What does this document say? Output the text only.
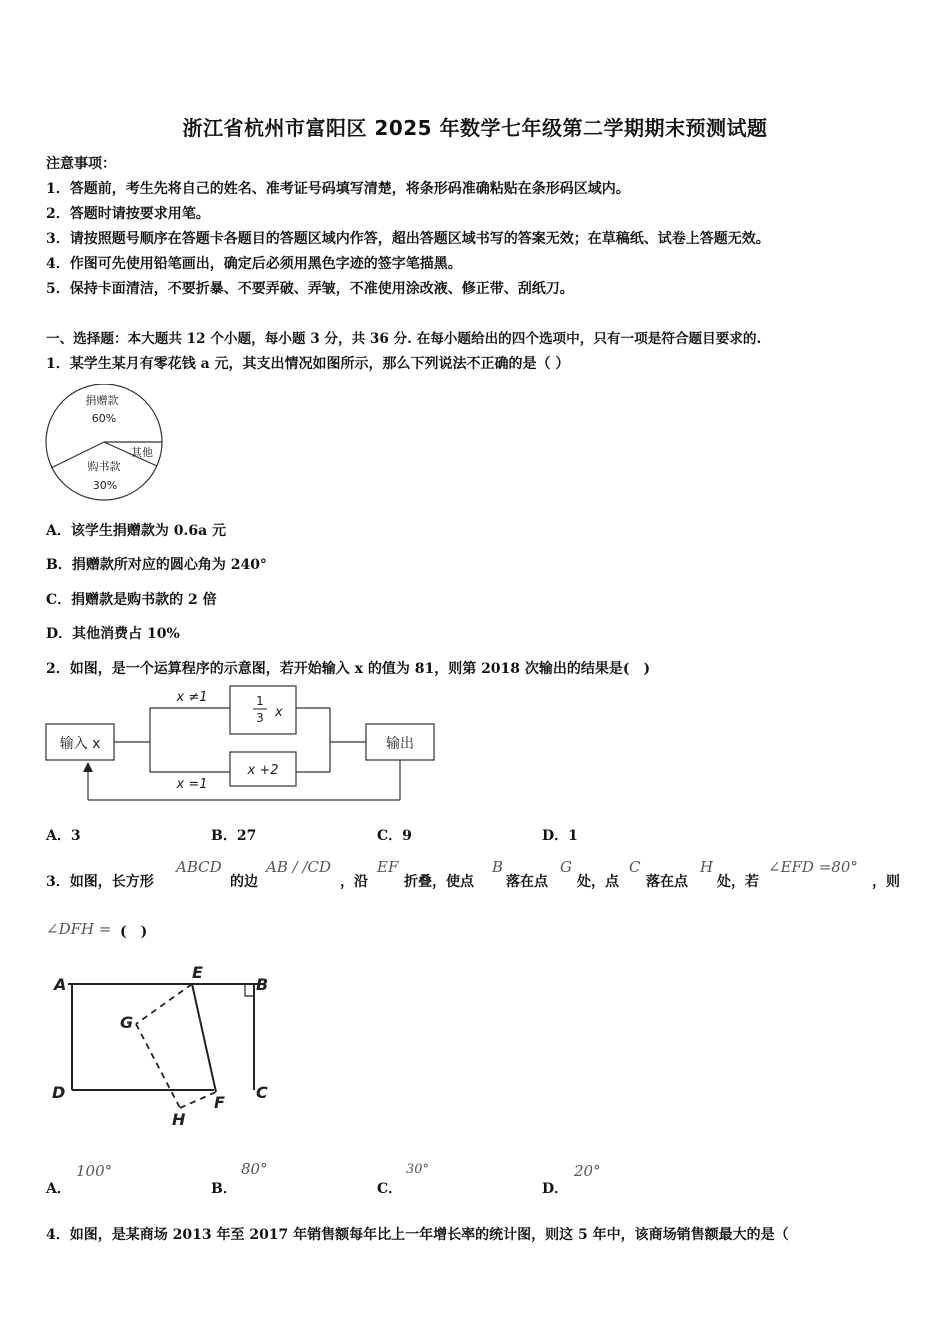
浙江省杭州市富阳区 2025 年数学七年级第二学期期末预测试题
注意事项：
1．答题前，考生先将自己的姓名、准考证号码填写清楚，将条形码准确粘贴在条形码区域内。
2．答题时请按要求用笔。
3．请按照题号顺序在答题卡各题目的答题区域内作答，超出答题区域书写的答案无效；在草稿纸、试卷上答题无效。
4．作图可先使用铅笔画出，确定后必须用黑色字迹的签字笔描黑。
5．保持卡面清洁，不要折暴、不要弄破、弄皱，不准使用涂改液、修正带、刮纸刀。
一、选择题：本大题共 12 个小题，每小题 3 分，共 36 分. 在每小题给出的四个选项中，只有一项是符合题目要求的.
1．某学生某月有零花钱 a 元，其支出情况如图所示，那么下列说法不正确的是（ ）
捐赠款
60%
其他
购书款
30%
A．该学生捐赠款为 0.6a 元
B．捐赠款所对应的圆心角为 240°
C．捐赠款是购书款的 2 倍
D．其他消费占 10%
2．如图，是一个运算程序的示意图，若开始输入 x 的值为 81，则第 2018 次输出的结果是(　)
输入 x	输出
x ≠1
x =1
1
3 x
x +2
A．3	B．27	C．9	D．1
3．如图，长方形
ABCD
的边
AB / /CD
，沿
EF
折叠，使点
B
落在点
G
处，点
C
落在点
H
处，若
∠EFD =80°
，则
∠DFH = (　)
A
E
B
G
D	C
H
F
A．
100°
B．
80°
C．
30°
D．
20°
4．如图，是某商场 2013 年至 2017 年销售额每年比上一年增长率的统计图，则这 5 年中，该商场销售额最大的是（
